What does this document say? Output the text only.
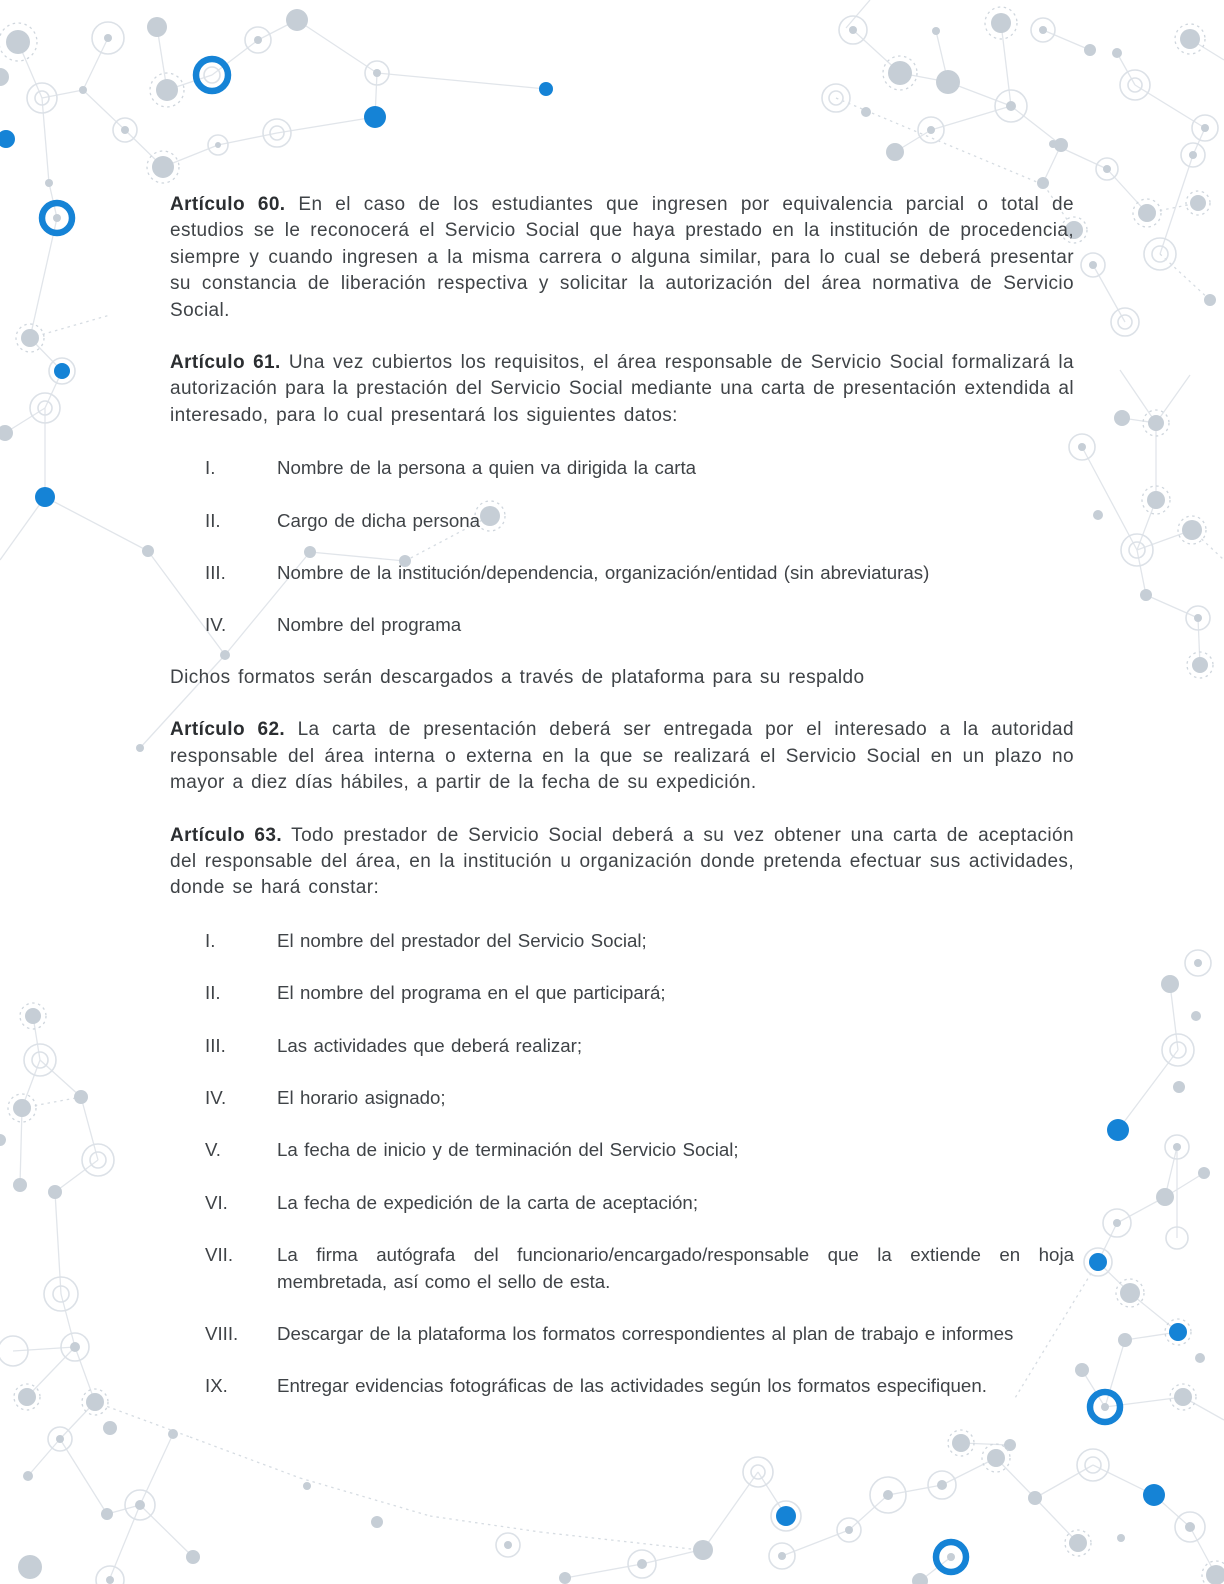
Artículo 60. En el caso de los estudiantes que ingresen por equivalencia parcial o total de estudios se le reconocerá el Servicio Social que haya prestado en la institución de procedencia, siempre y cuando ingresen a la misma carrera o alguna similar, para lo cual se deberá presentar su constancia de liberación respectiva y solicitar la autorización del área normativa de Servicio Social.

Artículo 61. Una vez cubiertos los requisitos, el área responsable de Servicio Social formalizará la autorización para la prestación del Servicio Social mediante una carta de presentación extendida al interesado, para lo cual presentará los siguientes datos:

I.	Nombre de la persona a quien va dirigida la carta
II.	Cargo de dicha persona
III.	Nombre de la institución/dependencia, organización/entidad (sin abreviaturas)
IV.	Nombre del programa

Dichos formatos serán descargados a través de plataforma para su respaldo

Artículo 62. La carta de presentación deberá ser entregada por el interesado a la autoridad responsable del área interna o externa en la que se realizará el Servicio Social en un plazo no mayor a diez días hábiles, a partir de la fecha de su expedición.

Artículo 63. Todo prestador de Servicio Social deberá a su vez obtener una carta de aceptación del responsable del área, en la institución u organización donde pretenda efectuar sus actividades, donde se hará constar:

I.	El nombre del prestador del Servicio Social;
II.	El nombre del programa en el que participará;
III.	Las actividades que deberá realizar;
IV.	El horario asignado;
V.	La fecha de inicio y de terminación del Servicio Social;
VI.	La fecha de expedición de la carta de aceptación;
VII.	La firma autógrafa del funcionario/encargado/responsable que la extiende en hoja membretada, así como el sello de esta.
VIII.	Descargar de la plataforma los formatos correspondientes al plan de trabajo e informes
IX.	Entregar evidencias fotográficas de las actividades según los formatos especifiquen.
